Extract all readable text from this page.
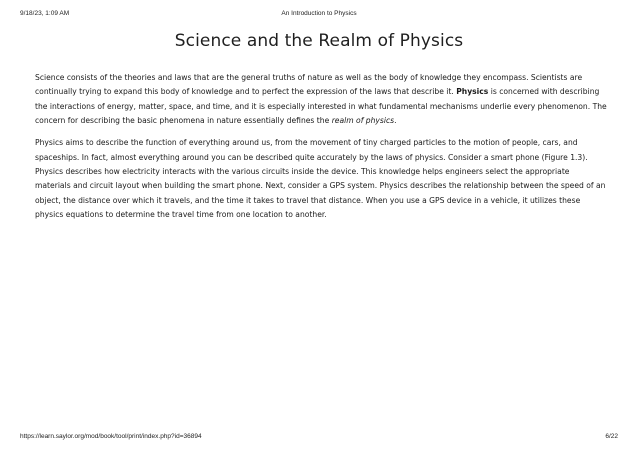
9/18/23, 1:09 AM	An Introduction to Physics
Science and the Realm of Physics

Science consists of the theories and laws that are the general truths of nature as well as the body of knowledge they encompass. Scientists are continually trying to expand this body of knowledge and to perfect the expression of the laws that describe it. Physics is concerned with describing the interactions of energy, matter, space, and time, and it is especially interested in what fundamental mechanisms underlie every phenomenon. The concern for describing the basic phenomena in nature essentially defines the realm of physics.

Physics aims to describe the function of everything around us, from the movement of tiny charged particles to the motion of people, cars, and spaceships. In fact, almost everything around you can be described quite accurately by the laws of physics. Consider a smart phone (Figure 1.3). Physics describes how electricity interacts with the various circuits inside the device. This knowledge helps engineers select the appropriate materials and circuit layout when building the smart phone. Next, consider a GPS system. Physics describes the relationship between the speed of an object, the distance over which it travels, and the time it takes to travel that distance. When you use a GPS device in a vehicle, it utilizes these physics equations to determine the travel time from one location to another.

https://learn.saylor.org/mod/book/tool/print/index.php?id=36894	6/22
